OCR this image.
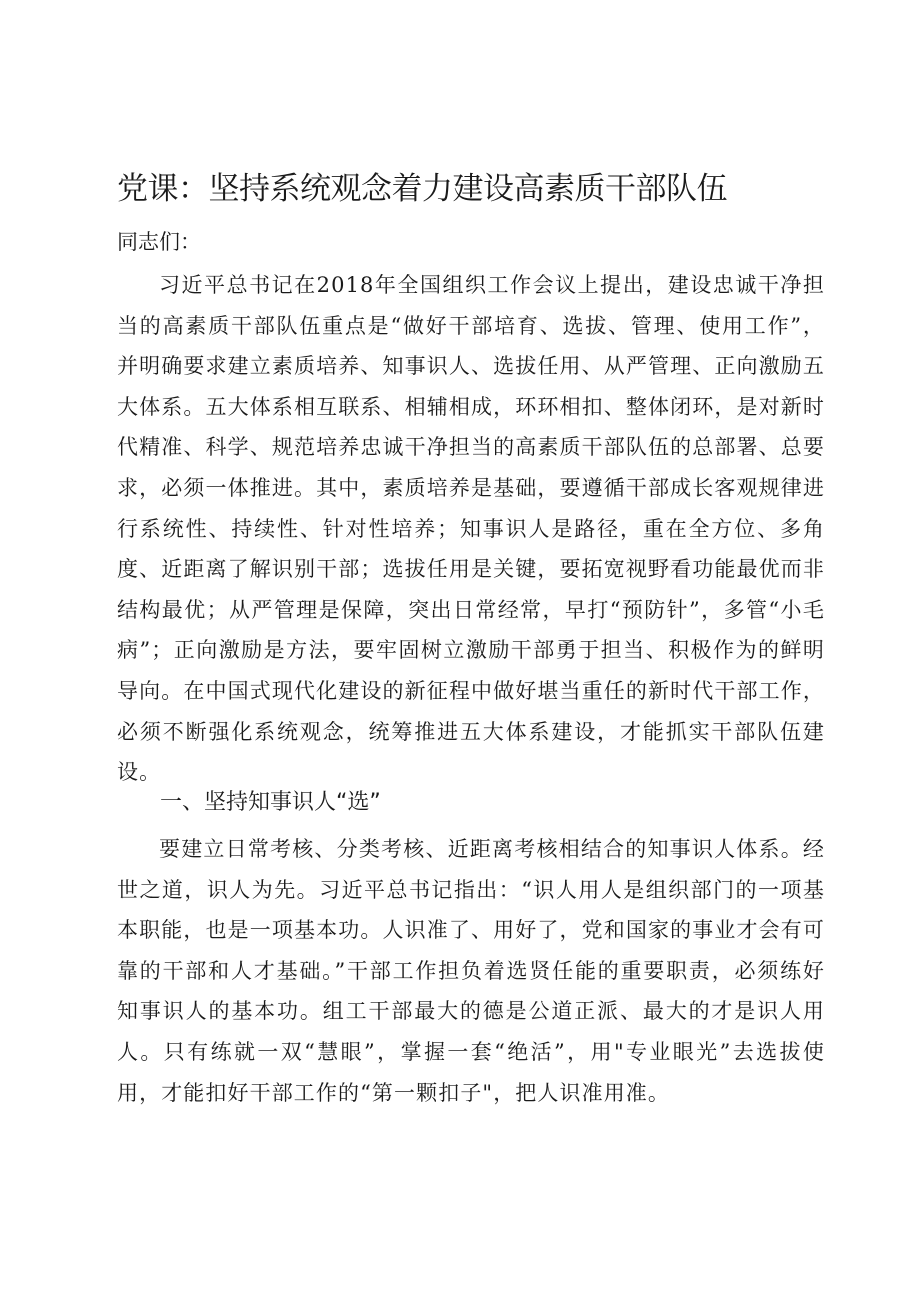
党课：坚持系统观念着力建设高素质干部队伍
同志们：

习近平总书记在2018年全国组织工作会议上提出，建设忠诚干净担当的高素质干部队伍重点是“做好干部培育、选拔、管理、使用工作”，并明确要求建立素质培养、知事识人、选拔任用、从严管理、正向激励五大体系。五大体系相互联系、相辅相成，环环相扣、整体闭环，是对新时代精准、科学、规范培养忠诚干净担当的高素质干部队伍的总部署、总要求，必须一体推进。其中，素质培养是基础，要遵循干部成长客观规律进行系统性、持续性、针对性培养；知事识人是路径，重在全方位、多角度、近距离了解识别干部；选拔任用是关键，要拓宽视野看功能最优而非结构最优；从严管理是保障，突出日常经常，早打“预防针”，多管“小毛病”；正向激励是方法，要牢固树立激励干部勇于担当、积极作为的鲜明导向。在中国式现代化建设的新征程中做好堪当重任的新时代干部工作，必须不断强化系统观念，统筹推进五大体系建设，才能抓实干部队伍建设。

一、坚持知事识人“选”

要建立日常考核、分类考核、近距离考核相结合的知事识人体系。经世之道，识人为先。习近平总书记指出：“识人用人是组织部门的一项基本职能，也是一项基本功。人识准了、用好了，党和国家的事业才会有可靠的干部和人才基础。”干部工作担负着选贤任能的重要职责，必须练好知事识人的基本功。组工干部最大的德是公道正派、最大的才是识人用人。只有练就一双“慧眼”，掌握一套“绝活”，用"专业眼光”去选拔使用，才能扣好干部工作的“第一颗扣子"，把人识准用准。
